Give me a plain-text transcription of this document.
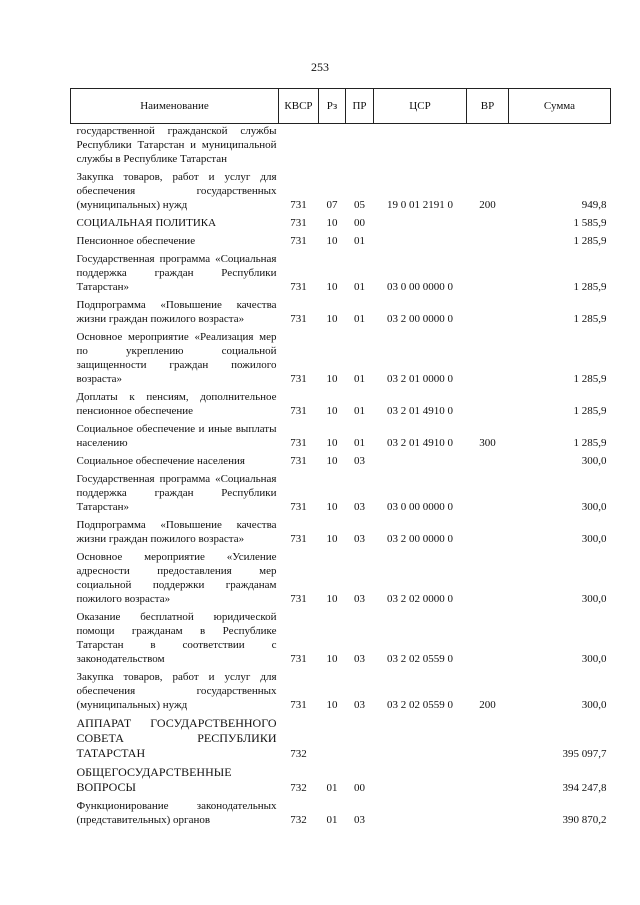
253
Наименование	КВСР	Рз	ПР	ЦСР	ВР	Сумма
государственной гражданской службы Республики Татарстан и муниципальной службы в Республике Татарстан						
Закупка товаров, работ и услуг для обеспечения государственных (муниципальных) нужд	731	07	05	19 0 01 2191 0	200	949,8
СОЦИАЛЬНАЯ ПОЛИТИКА	731	10	00			1 585,9
Пенсионное обеспечение	731	10	01			1 285,9
Государственная программа «Социальная поддержка граждан Республики Татарстан»	731	10	01	03 0 00 0000 0		1 285,9
Подпрограмма «Повышение качества жизни граждан пожилого возраста»	731	10	01	03 2 00 0000 0		1 285,9
Основное мероприятие «Реализация мер по укреплению социальной защищенности граждан пожилого возраста»	731	10	01	03 2 01 0000 0		1 285,9
Доплаты к пенсиям, дополнительное пенсионное обеспечение	731	10	01	03 2 01 4910 0		1 285,9
Социальное обеспечение и иные выплаты населению	731	10	01	03 2 01 4910 0	300	1 285,9
Социальное обеспечение населения	731	10	03			300,0
Государственная программа «Социальная поддержка граждан Республики Татарстан»	731	10	03	03 0 00 0000 0		300,0
Подпрограмма «Повышение качества жизни граждан пожилого возраста»	731	10	03	03 2 00 0000 0		300,0
Основное мероприятие «Усиление адресности предоставления мер социальной поддержки гражданам пожилого возраста»	731	10	03	03 2 02 0000 0		300,0
Оказание бесплатной юридической помощи гражданам в Республике Татарстан в соответствии с законодательством	731	10	03	03 2 02 0559 0		300,0
Закупка товаров, работ и услуг для обеспечения государственных (муниципальных) нужд	731	10	03	03 2 02 0559 0	200	300,0
АППАРАТ ГОСУДАРСТВЕННОГО СОВЕТА РЕСПУБЛИКИ ТАТАРСТАН	732					395 097,7
ОБЩЕГОСУДАРСТВЕННЫЕ ВОПРОСЫ	732	01	00			394 247,8
Функционирование законодательных (представительных) органов	732	01	03			390 870,2
